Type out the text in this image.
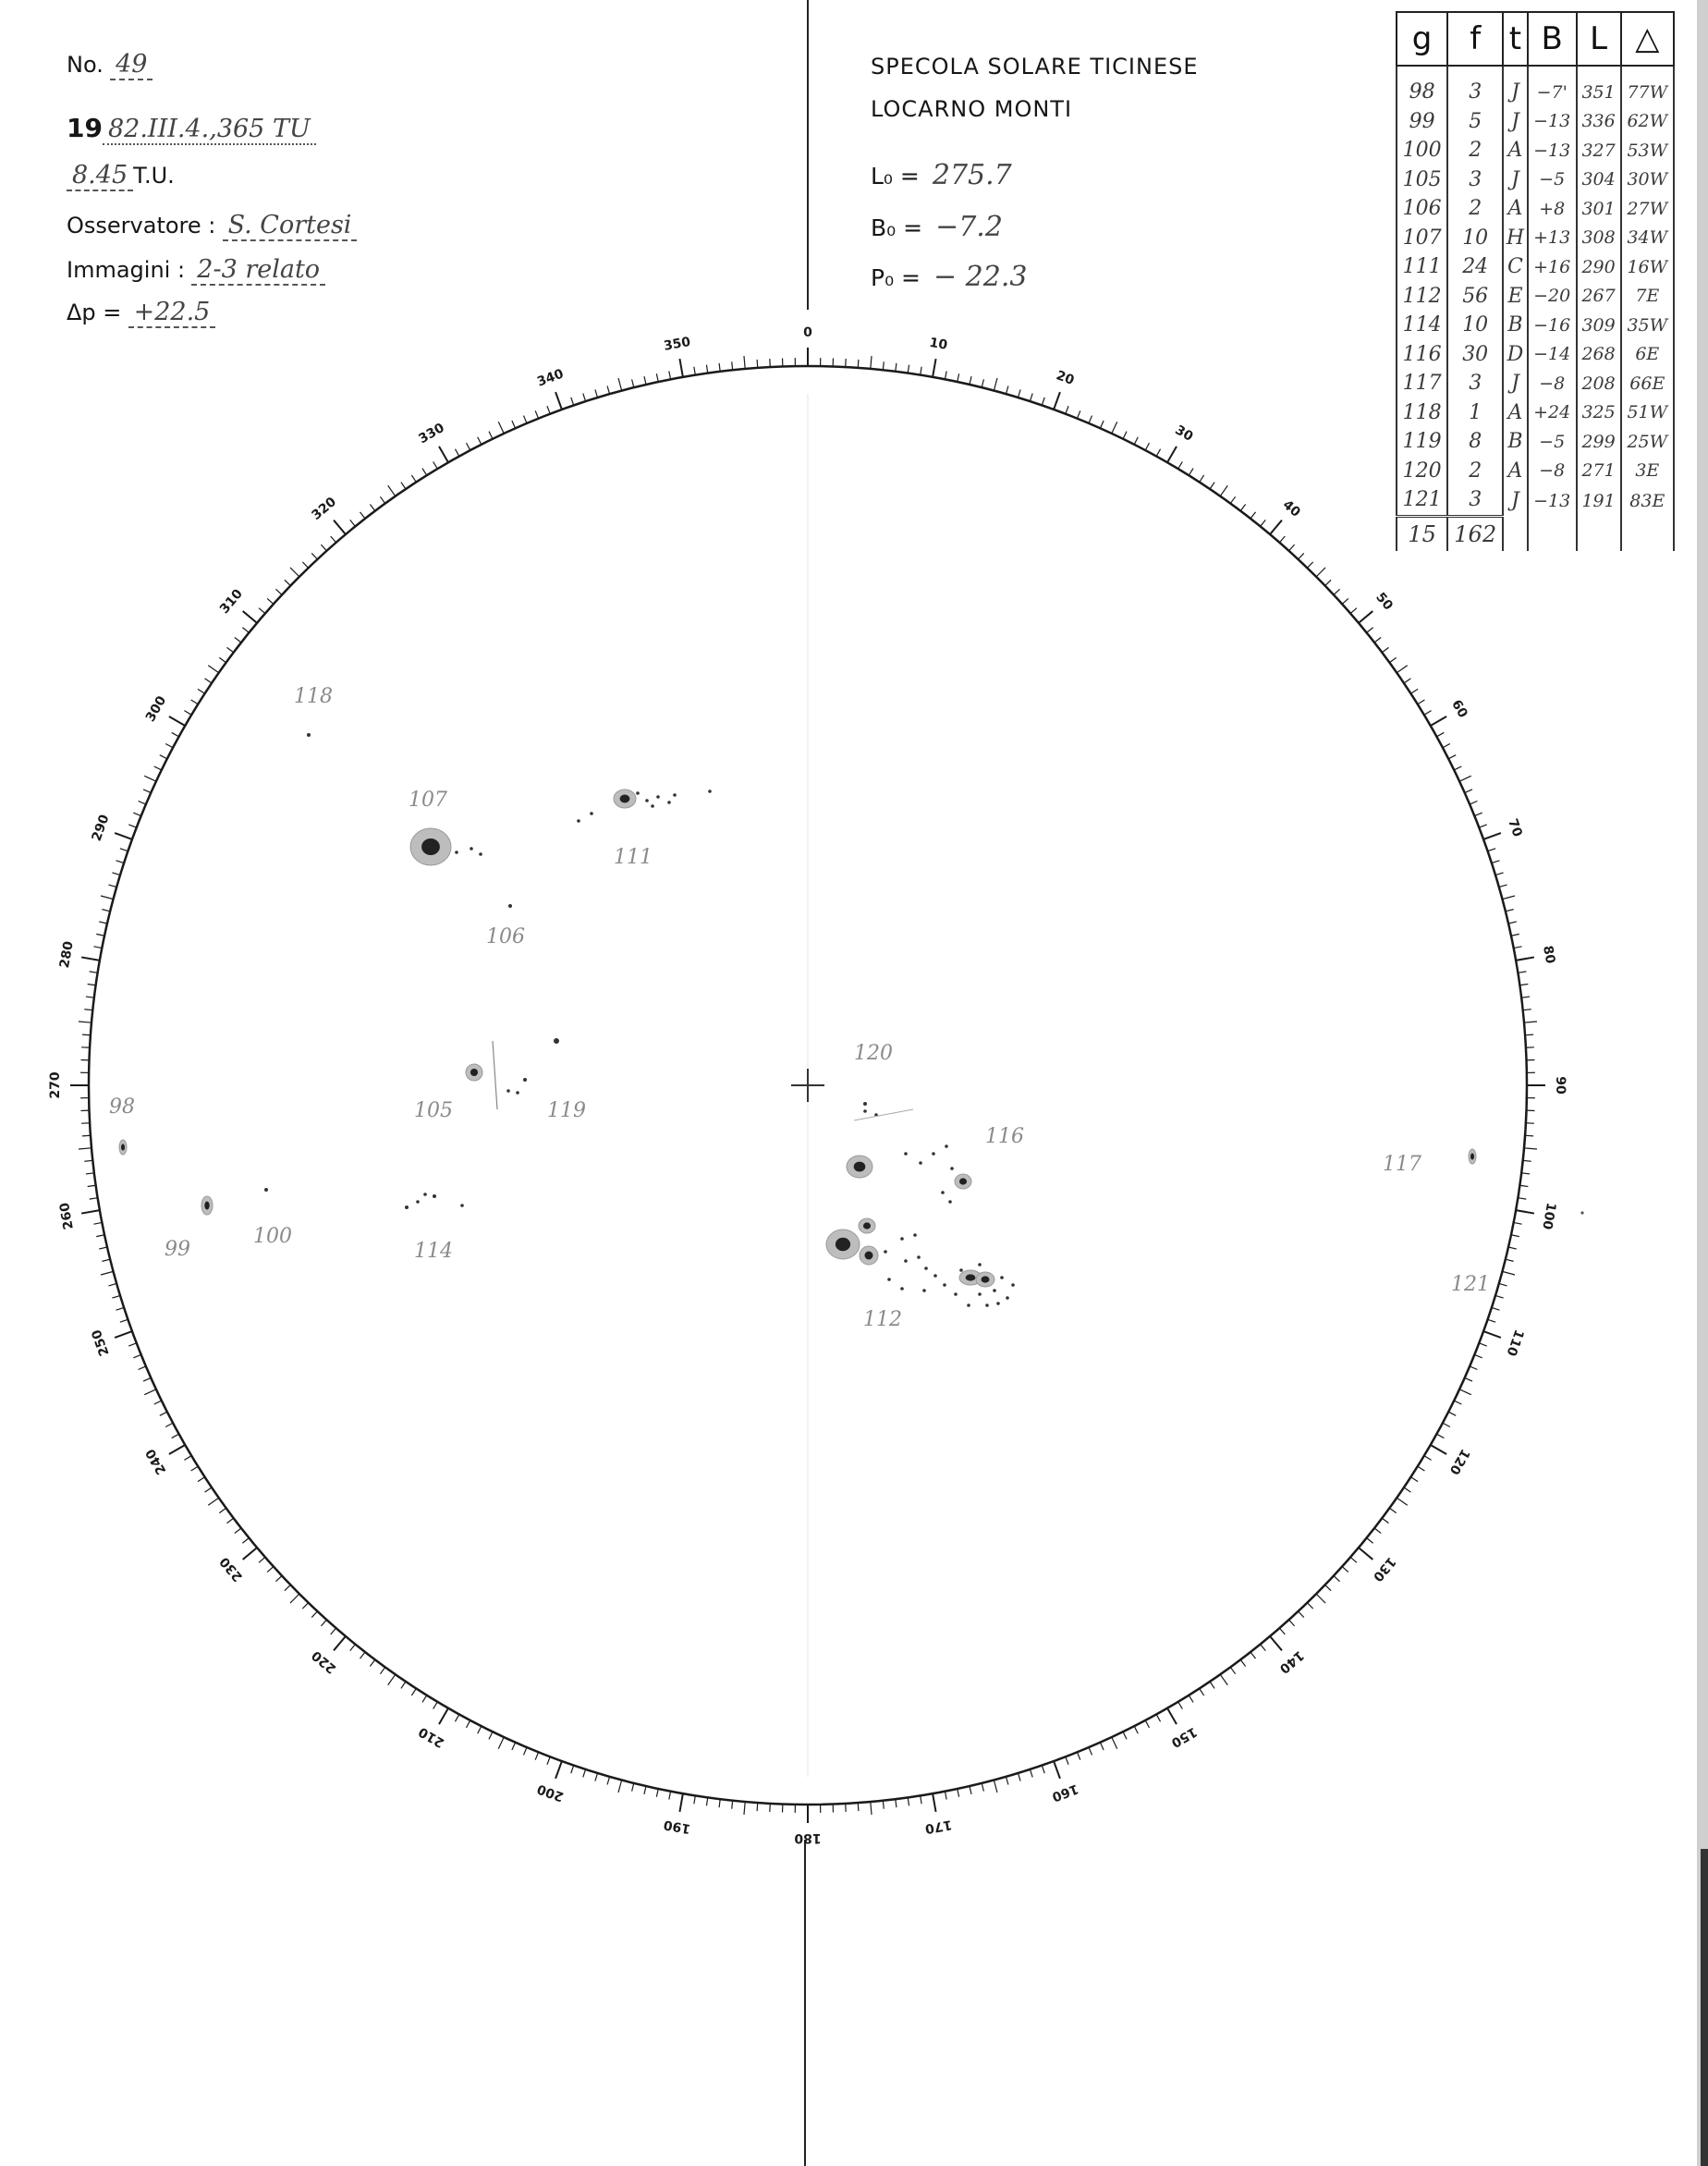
No. 49
19 82.III.4.,365 TU
8.45 T.U.
Osservatore : S. Cortesi
Immagini : 2-3 relato
Δp = +22.5
SPECOLA SOLARE TICINESE
LOCARNO MONTI
L₀ = 275.7
B₀ = −7.2
P₀ = − 22.3
g	f	t	B	L	△
98	3	J	−7'	351	77W
99	5	J	−13	336	62W
100	2	A	−13	327	53W
105	3	J	−5	304	30W
106	2	A	+8	301	27W
107	10	H	+13	308	34W
111	24	C	+16	290	16W
112	56	E	−20	267	7E
114	10	B	−16	309	35W
116	30	D	−14	268	6E
117	3	J	−8	208	66E
118	1	A	+24	325	51W
119	8	B	−5	299	25W
120	2	A	−8	271	3E
121	3	J	−13	191	83E
15	162				
0
10
20
30
40
50
60
70
80
90
100
110
120
130
140
150
160
170
180
190
200
210
220
230
240
250
260
270
280
290
300
310
320
330
340
350
98
99
100
105
106
107
111
112
114
116
117
118
119
120
121
